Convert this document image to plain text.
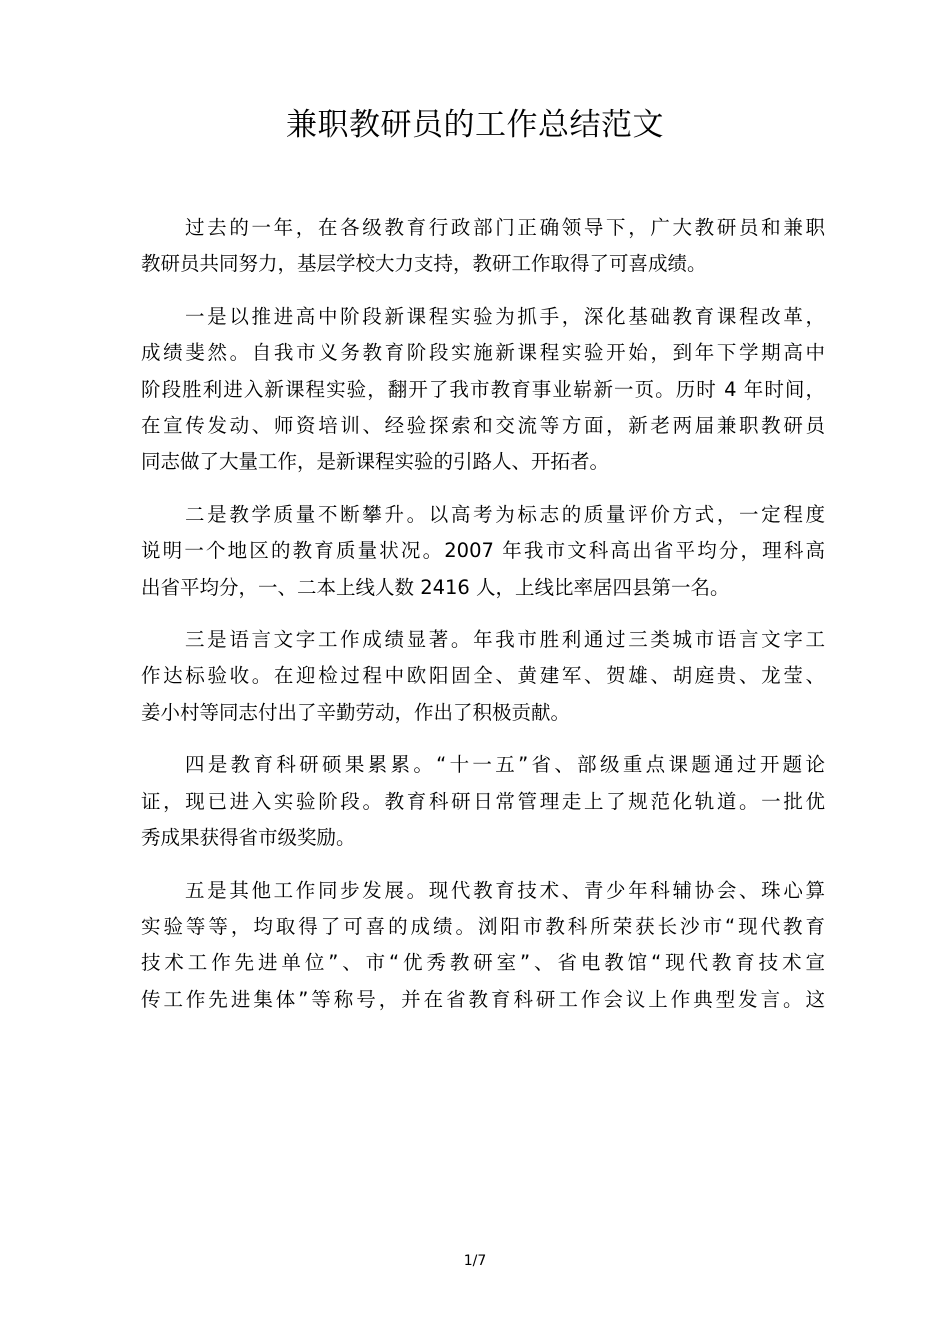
兼职教研员的工作总结范文

过去的一年，在各级教育行政部门正确领导下，广大教研员和兼职
教研员共同努力，基层学校大力支持，教研工作取得了可喜成绩。

一是以推进高中阶段新课程实验为抓手，深化基础教育课程改革，
成绩斐然。自我市义务教育阶段实施新课程实验开始，到年下学期高中
阶段胜利进入新课程实验，翻开了我市教育事业崭新一页。历时 4 年时间，
在宣传发动、师资培训、经验探索和交流等方面，新老两届兼职教研员
同志做了大量工作，是新课程实验的引路人、开拓者。

二是教学质量不断攀升。以高考为标志的质量评价方式，一定程度
说明一个地区的教育质量状况。2007 年我市文科高出省平均分，理科高
出省平均分，一、二本上线人数 2416 人，上线比率居四县第一名。

三是语言文字工作成绩显著。年我市胜利通过三类城市语言文字工
作达标验收。在迎检过程中欧阳固全、黄建军、贺雄、胡庭贵、龙莹、
姜小村等同志付出了辛勤劳动，作出了积极贡献。

四是教育科研硕果累累。“十一五”省、部级重点课题通过开题论
证，现已进入实验阶段。教育科研日常管理走上了规范化轨道。一批优
秀成果获得省市级奖励。

五是其他工作同步发展。现代教育技术、青少年科辅协会、珠心算
实验等等，均取得了可喜的成绩。浏阳市教科所荣获长沙市“现代教育
技术工作先进单位”、市“优秀教研室”、省电教馆“现代教育技术宣
传工作先进集体”等称号，并在省教育科研工作会议上作典型发言。这

1/7
